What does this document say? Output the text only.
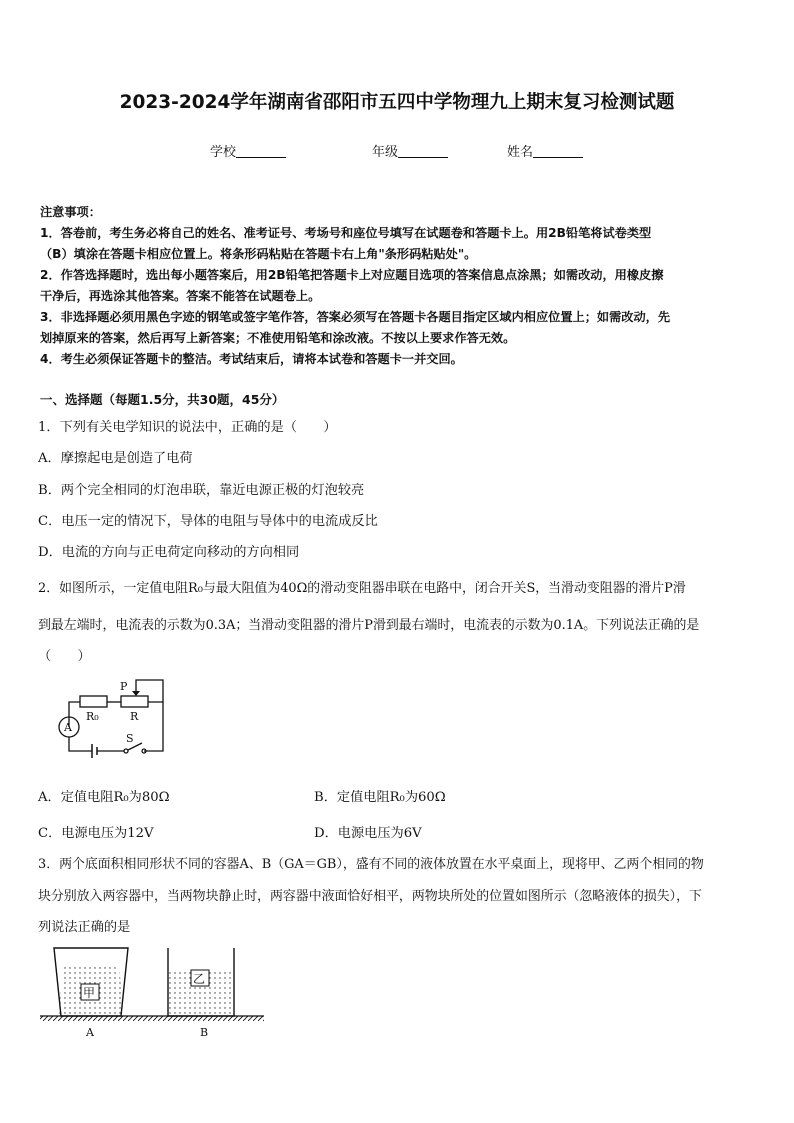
2023-2024学年湖南省邵阳市五四中学物理九上期末复习检测试题
学校	年级	姓名
注意事项：
1．答卷前，考生务必将自己的姓名、准考证号、考场号和座位号填写在试题卷和答题卡上。用2B铅笔将试卷类型
（B）填涂在答题卡相应位置上。将条形码粘贴在答题卡右上角"条形码粘贴处"。
2．作答选择题时，选出每小题答案后，用2B铅笔把答题卡上对应题目选项的答案信息点涂黑；如需改动，用橡皮擦
干净后，再选涂其他答案。答案不能答在试题卷上。
3．非选择题必须用黑色字迹的钢笔或签字笔作答，答案必须写在答题卡各题目指定区域内相应位置上；如需改动，先
划掉原来的答案，然后再写上新答案；不准使用铅笔和涂改液。不按以上要求作答无效。
4．考生必须保证答题卡的整洁。考试结束后，请将本试卷和答题卡一并交回。
一、选择题（每题1.5分，共30题，45分）
1．下列有关电学知识的说法中，正确的是（　　）
A．摩擦起电是创造了电荷
B．两个完全相同的灯泡串联，靠近电源正极的灯泡较亮
C．电压一定的情况下，导体的电阻与导体中的电流成反比
D．电流的方向与正电荷定向移动的方向相同
2．如图所示，一定值电阻R₀与最大阻值为40Ω的滑动变阻器串联在电路中，闭合开关S，当滑动变阻器的滑片P滑
到最左端时，电流表的示数为0.3A；当滑动变阻器的滑片P滑到最右端时，电流表的示数为0.1A。下列说法正确的是
（　　）
P
R₀	R
A
S
A．定值电阻R₀为80Ω	B．定值电阻R₀为60Ω
C．电源电压为12V	D．电源电压为6V
3．两个底面积相同形状不同的容器A、B（GA＝GB），盛有不同的液体放置在水平桌面上，现将甲、乙两个相同的物
块分别放入两容器中，当两物块静止时，两容器中液面恰好相平，两物块所处的位置如图所示（忽略液体的损失），下
列说法正确的是
甲
乙
A	B
